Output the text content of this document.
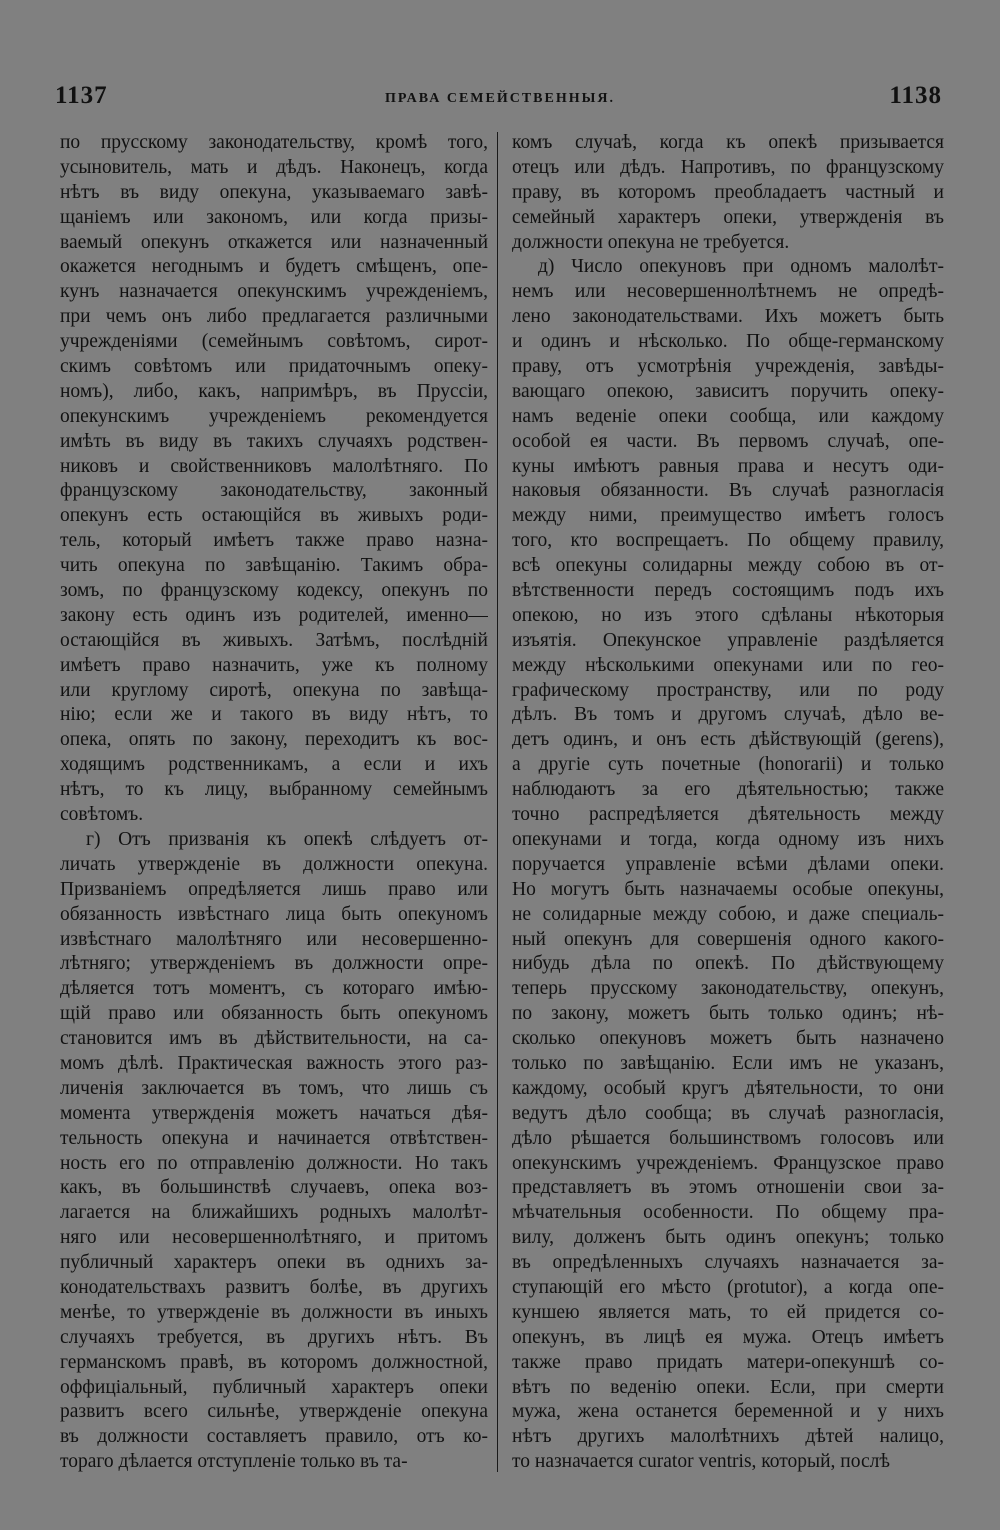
1137	ПРАВА СЕМЕЙСТВЕННЫЯ.	1138
по прусскому законодательству, кромѣ того,
усыновитель, мать и дѣдъ. Наконецъ, когда
нѣтъ въ виду опекуна, указываемаго завѣ-
щаніемъ или закономъ, или когда призы-
ваемый опекунъ откажется или назначенный
окажется негоднымъ и будетъ смѣщенъ, опе-
кунъ назначается опекунскимъ учрежденіемъ,
при чемъ онъ либо предлагается различными
учрежденіями (семейнымъ совѣтомъ, сирот-
скимъ совѣтомъ или придаточнымъ опеку-
номъ), либо, какъ, напримѣръ, въ Пруссіи,
опекунскимъ учрежденіемъ рекомендуется
имѣть въ виду въ такихъ случаяхъ родствен-
никовъ и свойственниковъ малолѣтняго. По
французскому законодательству, законный
опекунъ есть остающійся въ живыхъ роди-
тель, который имѣетъ также право назна-
чить опекуна по завѣщанію. Такимъ обра-
зомъ, по французскому кодексу, опекунъ по
закону есть одинъ изъ родителей, именно—
остающійся въ живыхъ. Затѣмъ, послѣдній
имѣетъ право назначить, уже къ полному
или круглому сиротѣ, опекуна по завѣща-
нію; если же и такого въ виду нѣтъ, то
опека, опять по закону, переходитъ къ вос-
ходящимъ родственникамъ, а если и ихъ
нѣтъ, то къ лицу, выбранному семейнымъ
совѣтомъ.
г) Отъ призванія къ опекѣ слѣдуетъ от-
личать утвержденіе въ должности опекуна.
Призваніемъ опредѣляется лишь право или
обязанность извѣстнаго лица быть опекуномъ
извѣстнаго малолѣтняго или несовершенно-
лѣтняго; утвержденіемъ въ должности опре-
дѣляется тотъ моментъ, съ котораго имѣю-
щій право или обязанность быть опекуномъ
становится имъ въ дѣйствительности, на са-
момъ дѣлѣ. Практическая важность этого раз-
личенія заключается въ томъ, что лишь съ
момента утвержденія можетъ начаться дѣя-
тельность опекуна и начинается отвѣтствен-
ность его по отправленію должности. Но такъ
какъ, въ большинствѣ случаевъ, опека воз-
лагается на ближайшихъ родныхъ малолѣт-
няго или несовершеннолѣтняго, и притомъ
публичный характеръ опеки въ однихъ за-
конодательствахъ развитъ болѣе, въ другихъ
менѣе, то утвержденіе въ должности въ иныхъ
случаяхъ требуется, въ другихъ нѣтъ. Въ
германскомъ правѣ, въ которомъ должностной,
оффиціальный, публичный характеръ опеки
развитъ всего сильнѣе, утвержденіе опекуна
въ должности составляетъ правило, отъ ко-
тораго дѣлается отступленіе только въ та-
комъ случаѣ, когда къ опекѣ призывается
отецъ или дѣдъ. Напротивъ, по французскому
праву, въ которомъ преобладаетъ частный и
семейный характеръ опеки, утвержденія въ
должности опекуна не требуется.
д) Число опекуновъ при одномъ малолѣт-
немъ или несовершеннолѣтнемъ не опредѣ-
лено законодательствами. Ихъ можетъ быть
и одинъ и нѣсколько. По обще-германскому
праву, отъ усмотрѣнія учрежденія, завѣды-
вающаго опекою, зависитъ поручить опеку-
намъ веденіе опеки сообща, или каждому
особой ея части. Въ первомъ случаѣ, опе-
куны имѣютъ равныя права и несутъ оди-
наковыя обязанности. Въ случаѣ разногласія
между ними, преимущество имѣетъ голосъ
того, кто воспрещаетъ. По общему правилу,
всѣ опекуны солидарны между собою въ от-
вѣтственности передъ состоящимъ подъ ихъ
опекою, но изъ этого сдѣланы нѣкоторыя
изъятія. Опекунское управленіе раздѣляется
между нѣсколькими опекунами или по гео-
графическому пространству, или по роду
дѣлъ. Въ томъ и другомъ случаѣ, дѣло ве-
детъ одинъ, и онъ есть дѣйствующій (gerens),
а другіе суть почетные (honorarii) и только
наблюдаютъ за его дѣятельностью; также
точно распредѣляется дѣятельность между
опекунами и тогда, когда одному изъ нихъ
поручается управленіе всѣми дѣлами опеки.
Но могутъ быть назначаемы особые опекуны,
не солидарные между собою, и даже специаль-
ный опекунъ для совершенія одного какого-
нибудь дѣла по опекѣ. По дѣйствующему
теперь прусскому законодательству, опекунъ,
по закону, можетъ быть только одинъ; нѣ-
сколько опекуновъ можетъ быть назначено
только по завѣщанію. Если имъ не указанъ,
каждому, особый кругъ дѣятельности, то они
ведутъ дѣло сообща; въ случаѣ разногласія,
дѣло рѣшается большинствомъ голосовъ или
опекунскимъ учрежденіемъ. Французское право
представляетъ въ этомъ отношеніи свои за-
мѣчательныя особенности. По общему пра-
вилу, долженъ быть одинъ опекунъ; только
въ опредѣленныхъ случаяхъ назначается за-
ступающій его мѣсто (protutor), а когда опе-
куншею является мать, то ей придется со-
опекунъ, въ лицѣ ея мужа. Отецъ имѣетъ
также право придать матери-опекуншѣ со-
вѣтъ по веденію опеки. Если, при смерти
мужа, жена останется беременной и у нихъ
нѣтъ другихъ малолѣтнихъ дѣтей налицо,
то назначается curator ventris, который, послѣ
